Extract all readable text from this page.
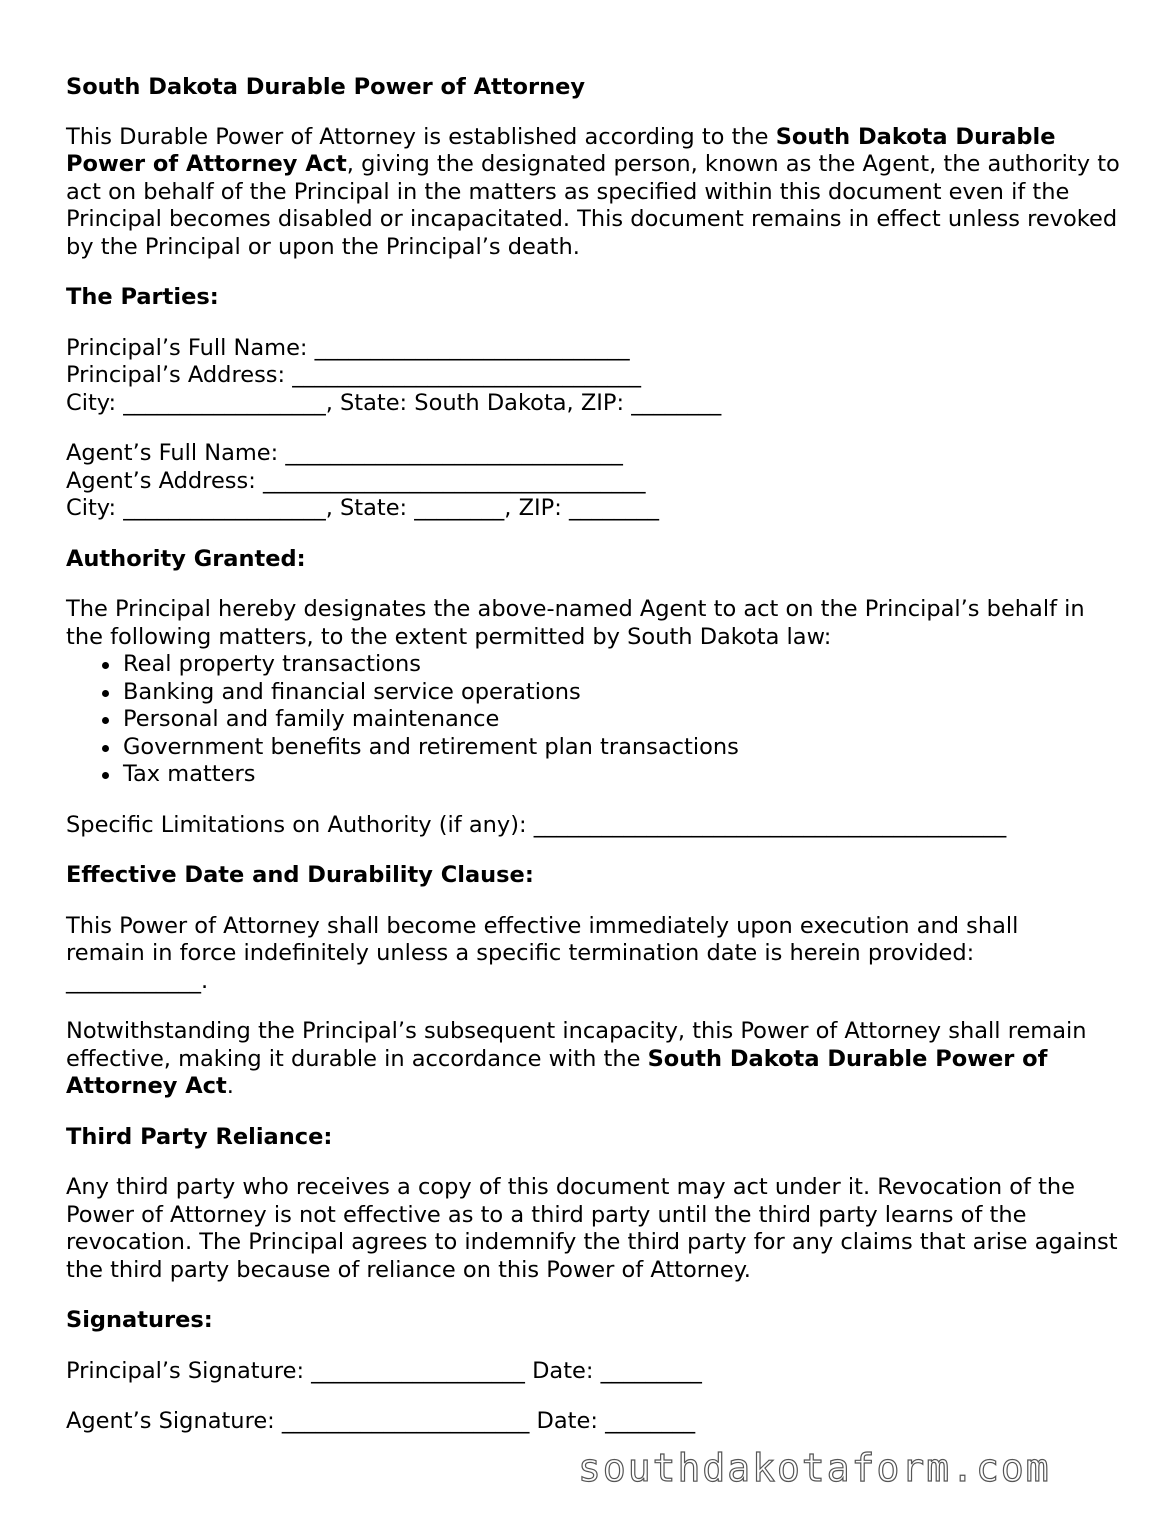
South Dakota Durable Power of Attorney

This Durable Power of Attorney is established according to the South Dakota Durable Power of Attorney Act, giving the designated person, known as the Agent, the authority to act on behalf of the Principal in the matters as specified within this document even if the Principal becomes disabled or incapacitated. This document remains in effect unless revoked by the Principal or upon the Principal’s death.

The Parties:
Principal’s Full Name: ____________________________
Principal’s Address: _______________________________
City: __________________, State: South Dakota, ZIP: ________
Agent’s Full Name: ______________________________
Agent’s Address: __________________________________
City: __________________, State: ________, ZIP: ________
Authority Granted:

The Principal hereby designates the above-named Agent to act on the Principal’s behalf in the following matters, to the extent permitted by South Dakota law:

Real property transactions
Banking and financial service operations
Personal and family maintenance
Government benefits and retirement plan transactions
Tax matters

Specific Limitations on Authority (if any): __________________________________________

Effective Date and Durability Clause:

This Power of Attorney shall become effective immediately upon execution and shall remain in force indefinitely unless a specific termination date is herein provided: ____________.

Notwithstanding the Principal’s subsequent incapacity, this Power of Attorney shall remain effective, making it durable in accordance with the South Dakota Durable Power of Attorney Act.

Third Party Reliance:

Any third party who receives a copy of this document may act under it. Revocation of the Power of Attorney is not effective as to a third party until the third party learns of the revocation. The Principal agrees to indemnify the third party for any claims that arise against the third party because of reliance on this Power of Attorney.

Signatures:

Principal’s Signature: ___________________ Date: _________

Agent’s Signature: ______________________ Date: ________

southdakotaform.com
